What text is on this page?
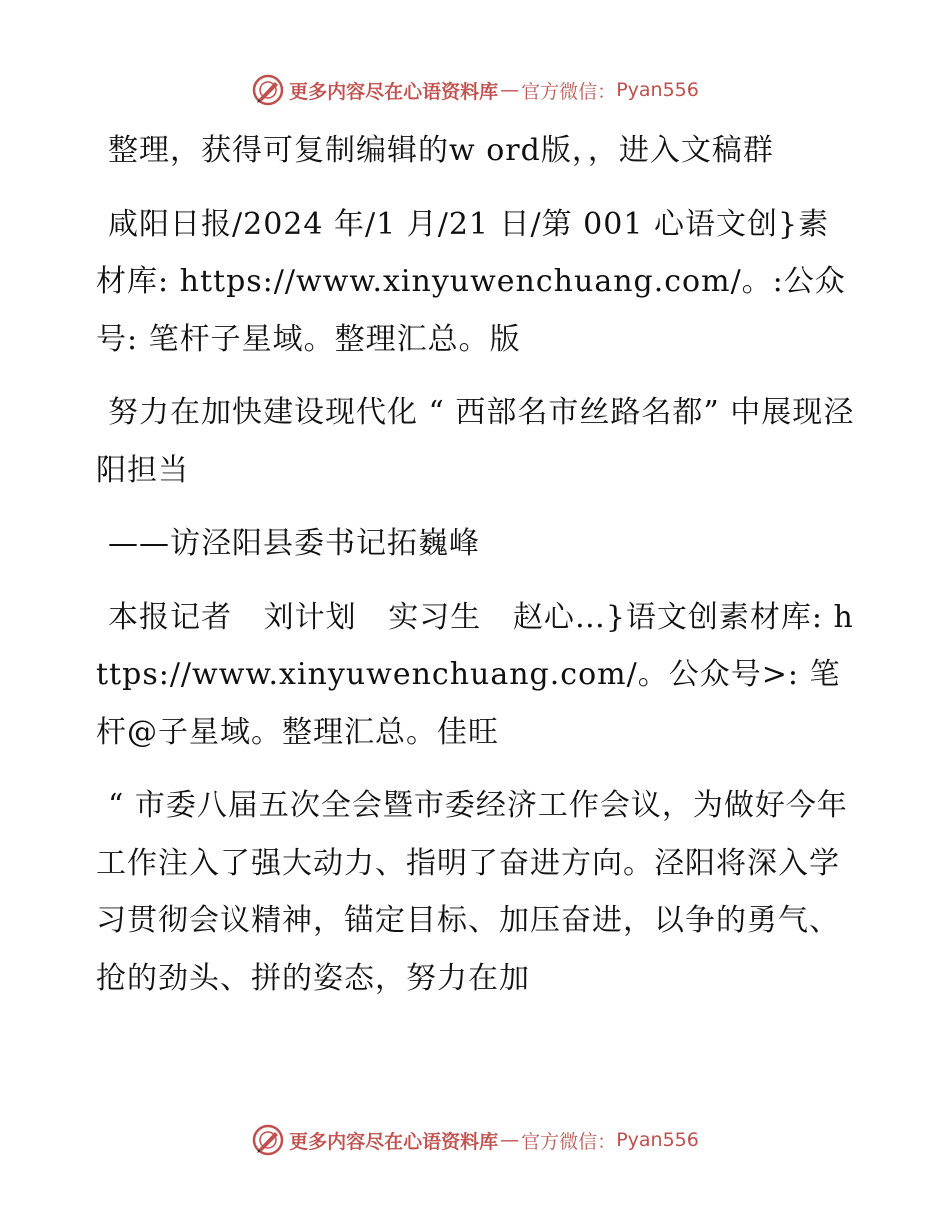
更多内容尽在心语资料库 — 官方微信： Pyan556

整理，获得可复制编辑的w ord版，，进入文稿群

咸阳日报/2024 年/1 月/21 日/第 001 心语文创}素材库: https://www.xinyuwenchuang.com/。:公众号: 笔杆子星域。整理汇总。版

努力在加快建设现代化 “ 西部名市丝路名都” 中展现泾阳担当

——访泾阳县委书记拓巍峰

本报记者   刘计划   实习生   赵心…}语文创素材库: https://www.xinyuwenchuang.com/。公众号>: 笔杆@子星域。整理汇总。佳旺

“ 市委八届五次全会暨市委经济工作会议，为做好今年工作注入了强大动力、指明了奋进方向。泾阳将深入学习贯彻会议精神，锚定目标、加压奋进，以争的勇气、抢的劲头、拼的姿态，努力在加

更多内容尽在心语资料库 — 官方微信： Pyan556
